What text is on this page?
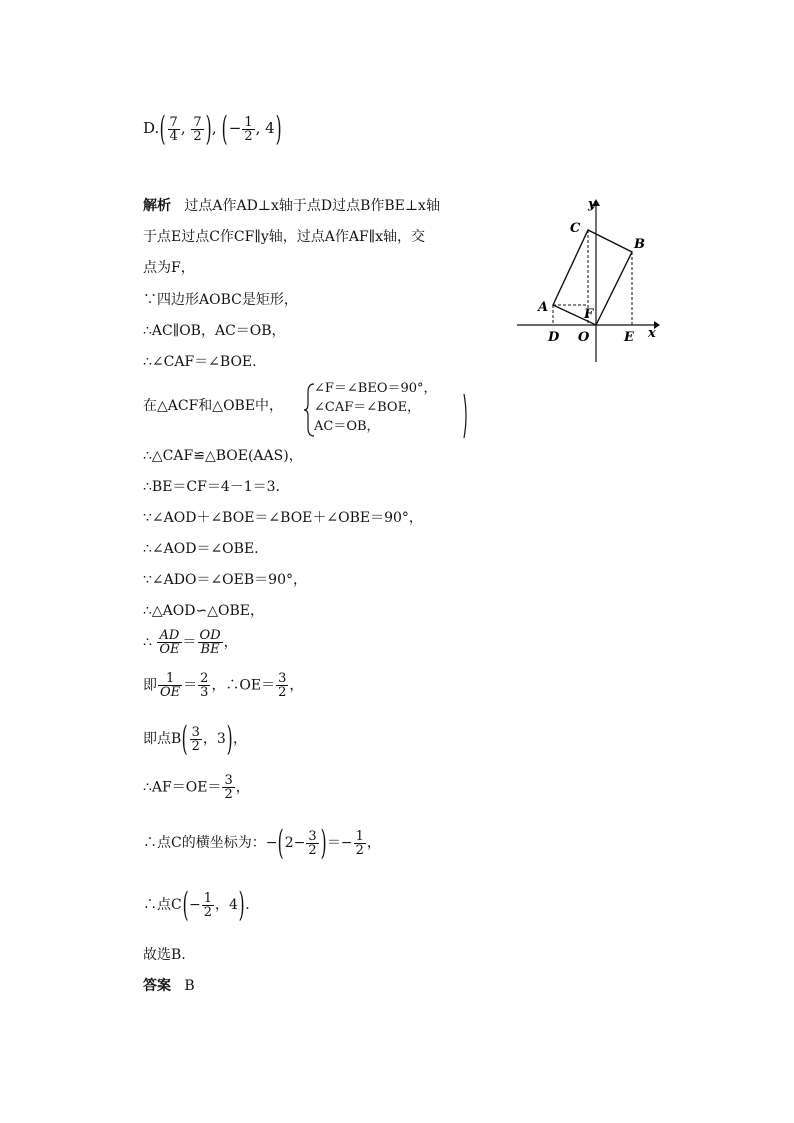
$D.( \frac{7}{4}$ , $\frac{7}{2}$ ), (− $\frac{1}{2}$ , 4)
解析 过点A作AD⊥x轴于点D过点B作BE⊥x轴
于点E过点C作CF∥y轴，过点A作AF∥x轴，交
点为F，
∵四边形AOBC是矩形，
∴AC∥OB，AC＝OB，
∴∠CAF＝∠BOE.
在△ACF和△OBE中，
∠F＝∠BEO＝90°，
∠CAF＝∠BOE，
AC＝OB，
∴△CAF≌△BOE(AAS)，
∴BE＝CF＝4－1＝3.
∵∠AOD＋∠BOE＝∠BOE＋∠OBE＝90°，
∴∠AOD＝∠OBE.
∵∠ADO＝∠OEB＝90°，
∴△AOD∽△OBE，
∴ $\frac{AD}{OE} = \frac{OD}{BE}$ ，
即 $\frac{1}{OE} = \frac{2}{3}$ ，∴OE＝ $\frac{3}{2}$ ，
即点$B( \frac{3}{2}$ ，3)，
∴AF＝OE＝ $\frac{3}{2}$ ，
∴点C的横坐标为：$-(2- \frac{3}{2}$ )＝− $\frac{1}{2}$ ，
∴点$C(- \frac{1}{2}$ ，4).
故选B.
答案 B
y
x
C
B
A	F
D O	E
